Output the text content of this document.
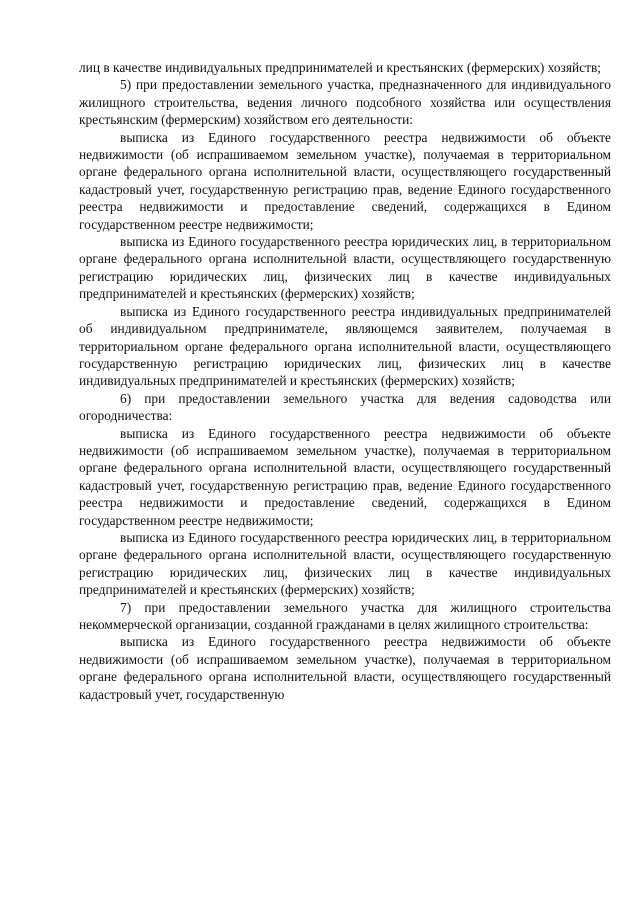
лиц в качестве индивидуальных предпринимателей и крестьянских (фермерских) хозяйств;

5) при предоставлении земельного участка, предназначенного для индивидуального жилищного строительства, ведения личного подсобного хозяйства или осуществления крестьянским (фермерским) хозяйством его деятельности:

выписка из Единого государственного реестра недвижимости об объекте недвижимости (об испрашиваемом земельном участке), получаемая в территориальном органе федерального органа исполнительной власти, осуществляющего государственный кадастровый учет, государственную регистрацию прав, ведение Единого государственного реестра недвижимости и предоставление сведений, содержащихся в Едином государственном реестре недвижимости;

выписка из Единого государственного реестра юридических лиц, в территориальном органе федерального органа исполнительной власти, осуществляющего государственную регистрацию юридических лиц, физических лиц в качестве индивидуальных предпринимателей и крестьянских (фермерских) хозяйств;

выписка из Единого государственного реестра индивидуальных предпринимателей об индивидуальном предпринимателе, являющемся заявителем, получаемая в территориальном органе федерального органа исполнительной власти, осуществляющего государственную регистрацию юридических лиц, физических лиц в качестве индивидуальных предпринимателей и крестьянских (фермерских) хозяйств;

6) при предоставлении земельного участка для ведения садоводства или огородничества:

выписка из Единого государственного реестра недвижимости об объекте недвижимости (об испрашиваемом земельном участке), получаемая в территориальном органе федерального органа исполнительной власти, осуществляющего государственный кадастровый учет, государственную регистрацию прав, ведение Единого государственного реестра недвижимости и предоставление сведений, содержащихся в Едином государственном реестре недвижимости;

выписка из Единого государственного реестра юридических лиц, в территориальном органе федерального органа исполнительной власти, осуществляющего государственную регистрацию юридических лиц, физических лиц в качестве индивидуальных предпринимателей и крестьянских (фермерских) хозяйств;

7) при предоставлении земельного участка для жилищного строительства некоммерческой организации, созданной гражданами в целях жилищного строительства:

выписка из Единого государственного реестра недвижимости об объекте недвижимости (об испрашиваемом земельном участке), получаемая в территориальном органе федерального органа исполнительной власти, осуществляющего государственный кадастровый учет, государственную
